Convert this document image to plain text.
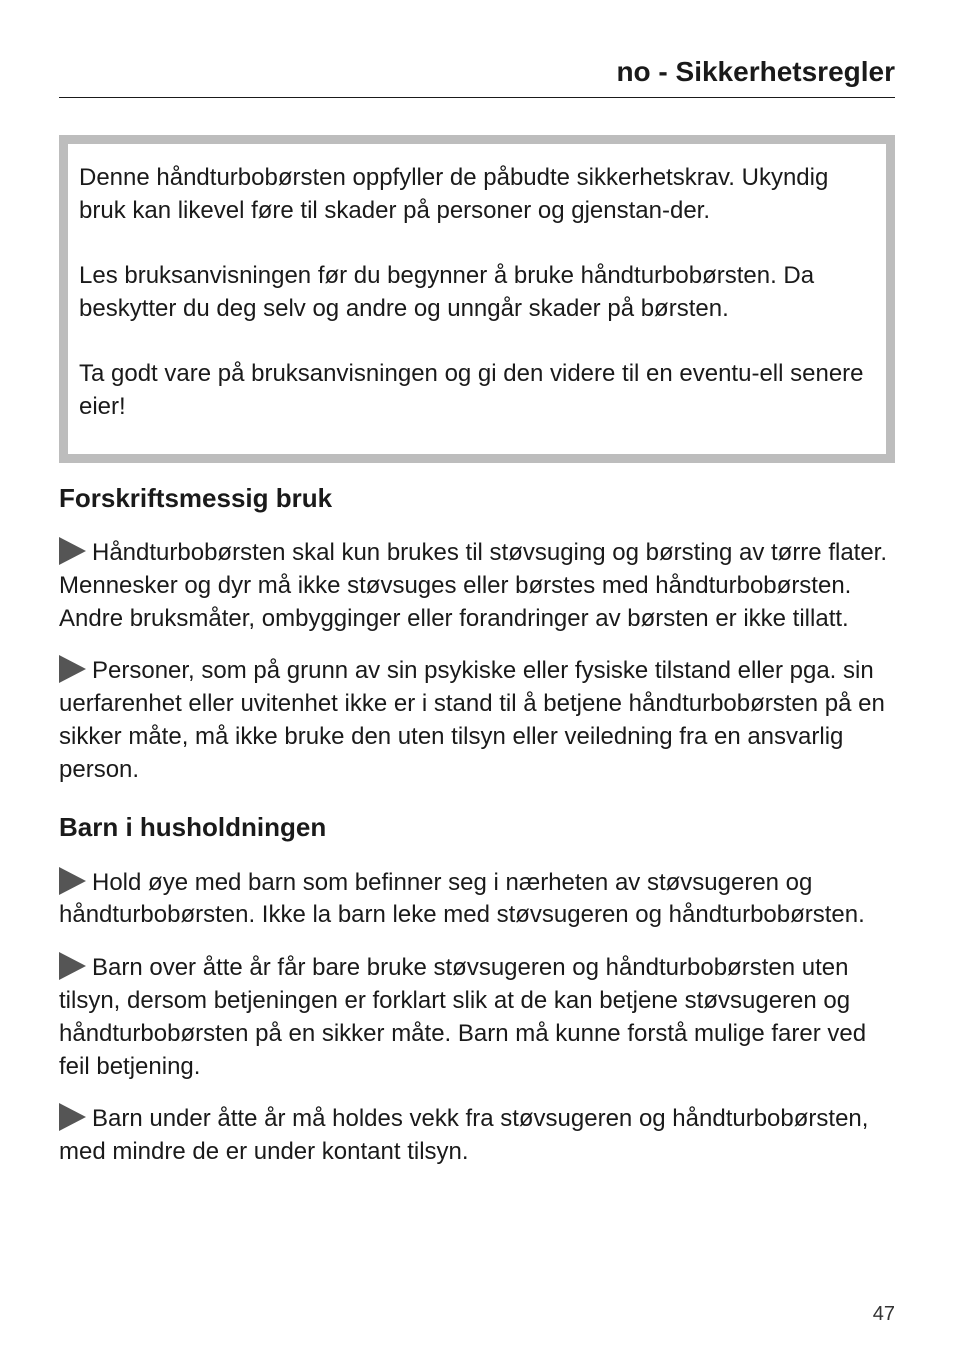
no - Sikkerhetsregler

Denne håndturbobørsten oppfyller de påbudte sikkerhetskrav. Ukyndig bruk kan likevel føre til skader på personer og gjenstan-der.

Les bruksanvisningen før du begynner å bruke håndturbobørsten. Da beskytter du deg selv og andre og unngår skader på børsten.

Ta godt vare på bruksanvisningen og gi den videre til en eventu-ell senere eier!

Forskriftsmessig bruk

Håndturbobørsten skal kun brukes til støvsuging og børsting av tørre flater. Mennesker og dyr må ikke støvsuges eller børstes med håndturbobørsten.

Andre bruksmåter, ombygginger eller forandringer av børsten er ikke tillatt.

Personer, som på grunn av sin psykiske eller fysiske tilstand eller pga. sin uerfarenhet eller uvitenhet ikke er i stand til å betjene håndturbobørsten på en sikker måte, må ikke bruke den uten tilsyn eller veiledning fra en ansvarlig person.

Barn i husholdningen

Hold øye med barn som befinner seg i nærheten av støvsugeren og håndturbobørsten. Ikke la barn leke med støvsugeren og håndturbobørsten.

Barn over åtte år får bare bruke støvsugeren og håndturbobørsten uten tilsyn, dersom betjeningen er forklart slik at de kan betjene støvsugeren og håndturbobørsten på en sikker måte. Barn må kunne forstå mulige farer ved feil betjening.

Barn under åtte år må holdes vekk fra støvsugeren og håndturbobørsten, med mindre de er under kontant tilsyn.

47
